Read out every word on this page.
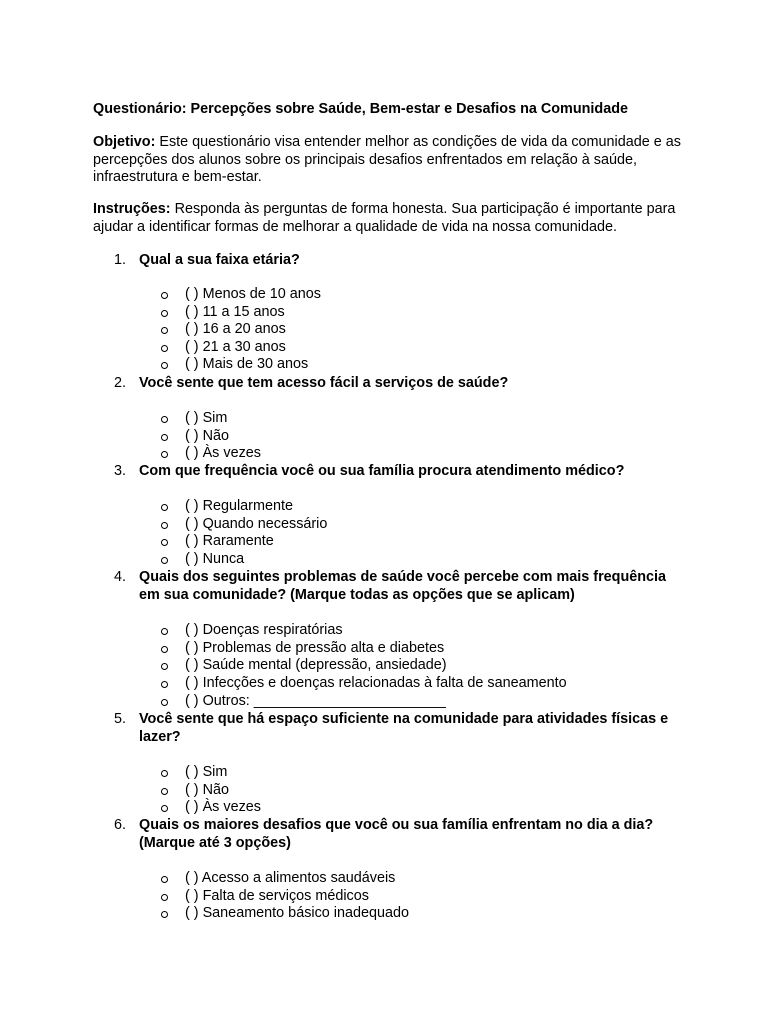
Questionário: Percepções sobre Saúde, Bem-estar e Desafios na Comunidade
Objetivo: Este questionário visa entender melhor as condições de vida da comunidade e as percepções dos alunos sobre os principais desafios enfrentados em relação à saúde, infraestrutura e bem-estar.
Instruções: Responda às perguntas de forma honesta. Sua participação é importante para ajudar a identificar formas de melhorar a qualidade de vida na nossa comunidade.
1. Qual a sua faixa etária?
( ) Menos de 10 anos
( ) 11 a 15 anos
( ) 16 a 20 anos
( ) 21 a 30 anos
( ) Mais de 30 anos
2. Você sente que tem acesso fácil a serviços de saúde?
( ) Sim
( ) Não
( ) Às vezes
3. Com que frequência você ou sua família procura atendimento médico?
( ) Regularmente
( ) Quando necessário
( ) Raramente
( ) Nunca
4. Quais dos seguintes problemas de saúde você percebe com mais frequência em sua comunidade? (Marque todas as opções que se aplicam)
( ) Doenças respiratórias
( ) Problemas de pressão alta e diabetes
( ) Saúde mental (depressão, ansiedade)
( ) Infecções e doenças relacionadas à falta de saneamento
( ) Outros: ________________________
5. Você sente que há espaço suficiente na comunidade para atividades físicas e lazer?
( ) Sim
( ) Não
( ) Às vezes
6. Quais os maiores desafios que você ou sua família enfrentam no dia a dia? (Marque até 3 opções)
( ) Acesso a alimentos saudáveis
( ) Falta de serviços médicos
( ) Saneamento básico inadequado
